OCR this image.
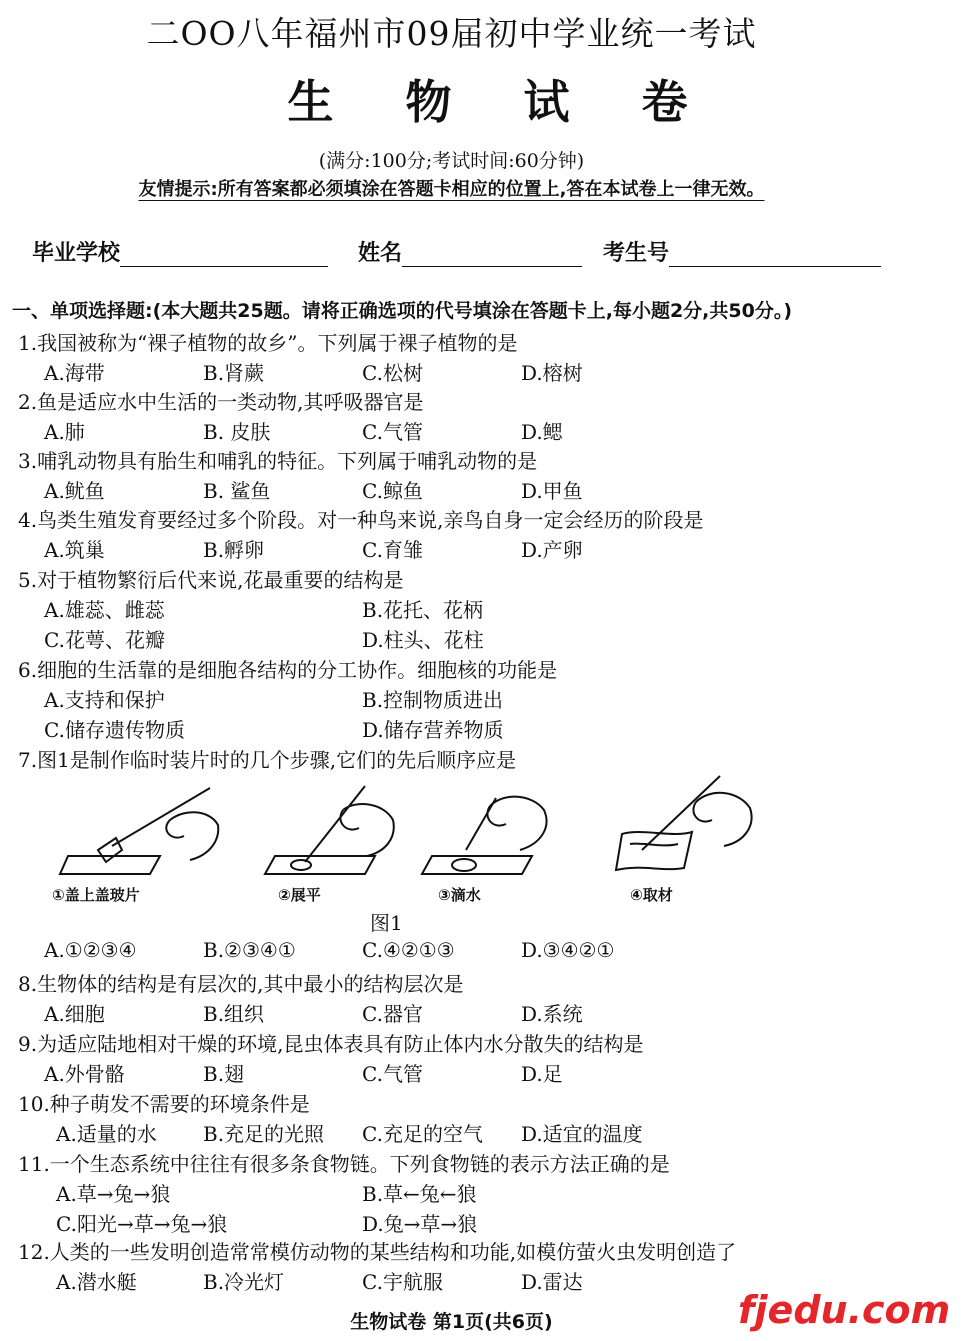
二OO八年福州市09届初中学业统一考试
生物试卷
(满分:100分;考试时间:60分钟)
友情提示:所有答案都必须填涂在答题卡相应的位置上,答在本试卷上一律无效。
毕业学校	姓名	考生号
一、单项选择题:(本大题共25题。请将正确选项的代号填涂在答题卡上,每小题2分,共50分。)
1.我国被称为“裸子植物的故乡”。下列属于裸子植物的是
A.海带	B.肾蕨	C.松树	D.榕树
2.鱼是适应水中生活的一类动物,其呼吸器官是
A.肺	B. 皮肤	C.气管	D.鳃
3.哺乳动物具有胎生和哺乳的特征。下列属于哺乳动物的是
A.鱿鱼	B. 鲨鱼	C.鲸鱼	D.甲鱼
4.鸟类生殖发育要经过多个阶段。对一种鸟来说,亲鸟自身一定会经历的阶段是
A.筑巢	B.孵卵	C.育雏	D.产卵
5.对于植物繁衍后代来说,花最重要的结构是
A.雄蕊、雌蕊	B.花托、花柄
C.花萼、花瓣	D.柱头、花柱
6.细胞的生活靠的是细胞各结构的分工协作。细胞核的功能是
A.支持和保护	B.控制物质进出
C.储存遗传物质	D.储存营养物质
7.图1是制作临时装片时的几个步骤,它们的先后顺序应是
①盖上盖玻片	②展平	③滴水	④取材
图1
A.①②③④	B.②③④①	C.④②①③	D.③④②①
8.生物体的结构是有层次的,其中最小的结构层次是
A.细胞	B.组织	C.器官	D.系统
9.为适应陆地相对干燥的环境,昆虫体表具有防止体内水分散失的结构是
A.外骨骼	B.翅	C.气管	D.足
10.种子萌发不需要的环境条件是
A.适量的水 B.充足的光照 C.充足的空气 D.适宜的温度
11.一个生态系统中往往有很多条食物链。下列食物链的表示方法正确的是
A.草→兔→狼	B.草←兔←狼
C.阳光→草→兔→狼	D.兔→草→狼
12.人类的一些发明创造常常模仿动物的某些结构和功能,如模仿萤火虫发明创造了
A.潜水艇	B.冷光灯	C.宇航服	D.雷达
生物试卷 第1页(共6页)	fjedu.com
